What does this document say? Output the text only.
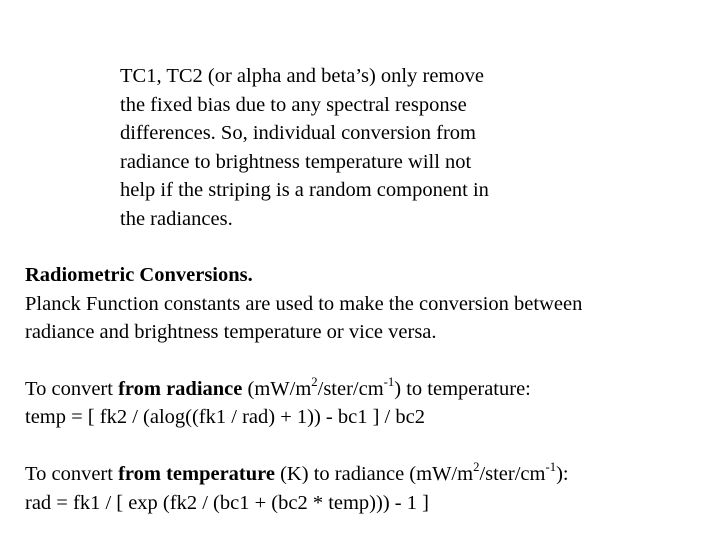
TC1, TC2 (or alpha and beta’s) only remove
the fixed bias due to any spectral response
differences. So, individual conversion from
radiance to brightness temperature will not
help if the striping is a random component in
the radiances.
Radiometric Conversions.
Planck Function constants are used to make the conversion between
radiance and brightness temperature or vice versa.
To convert from radiance $(mW/m^2/ster/cm^{-1})$ to temperature:
temp = [ fk2 / (alog((fk1 / rad) + 1)) - bc1 ] / bc2
To convert from temperature (K) to radiance $(mW/m^2/ster/cm^{-1})$:
rad = fk1 / [ exp (fk2 / (bc1 + (bc2 * temp))) - 1 ]
